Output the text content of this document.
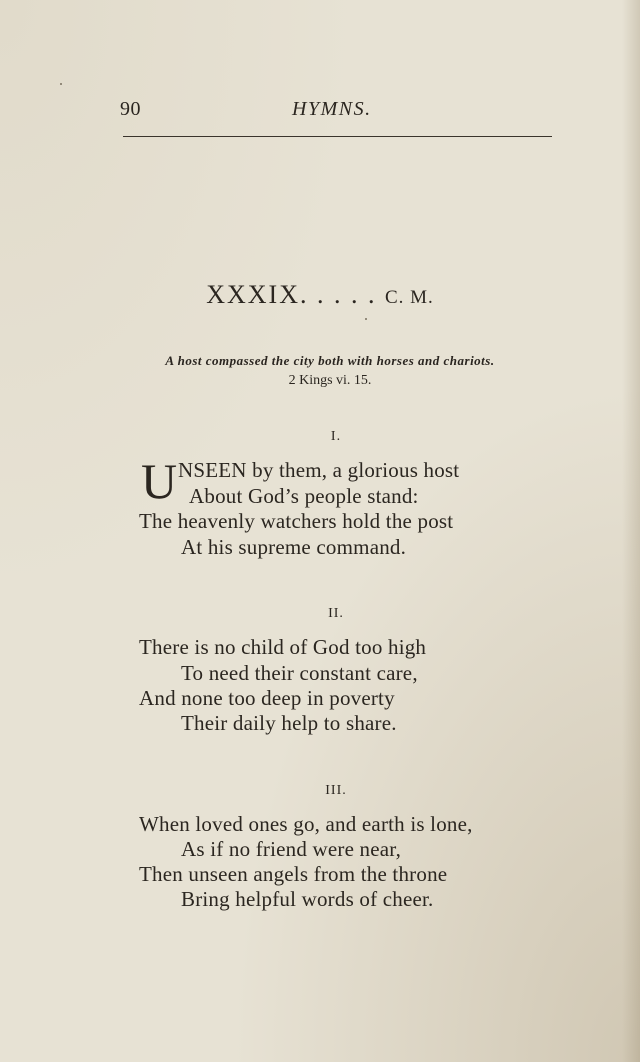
90	HYMNS.
XXXIX. . . . . C. M.
A host compassed the city both with horses and chariots.
2 Kings vi. 15.
I.
U NSEEN by them, a glorious host
About God’s people stand:
The heavenly watchers hold the post
At his supreme command.
II.
There is no child of God too high
To need their constant care,
And none too deep in poverty
Their daily help to share.
III.
When loved ones go, and earth is lone,
As if no friend were near,
Then unseen angels from the throne
Bring helpful words of cheer.
